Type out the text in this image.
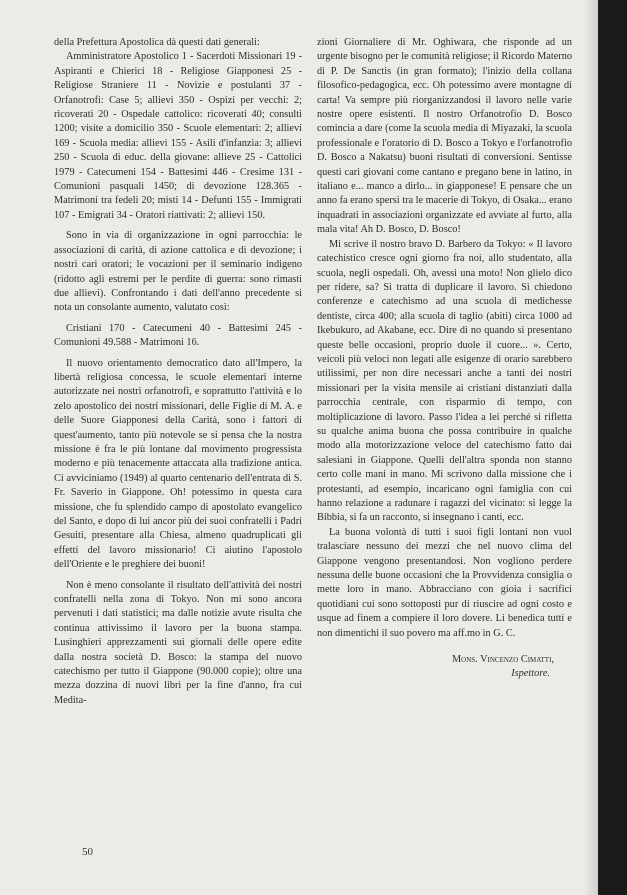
della Prefettura Apostolica dà questi dati generali:

Amministratore Apostolico 1 - Sacerdoti Missionari 19 - Aspiranti e Chierici 18 - Religiose Giapponesi 25 - Religiose Straniere 11 - Novizie e postulanti 37 - Orfanotrofi: Case 5; allievi 350 - Ospizi per vecchi: 2; ricoverati 20 - Ospedale cattolico: ricoverati 40; consulti 1200; visite a domicilio 350 - Scuole elementari: 2; allievi 169 - Scuola media: allievi 155 - Asili d'infanzia: 3; allievi 250 - Scuola di educ. della giovane: allieve 25 - Cattolici 1979 - Catecumeni 154 - Battesimi 446 - Cresime 131 - Comunioni pasquali 1450; di devozione 128.365 - Matrimoni tra fedeli 20; misti 14 - Defunti 155 - Immigrati 107 - Emigrati 34 - Oratori riattivati: 2; allievi 150.

Sono in via di organizzazione in ogni parrocchia: le associazioni di carità, di azione cattolica e di devozione; i nostri cari oratori; le vocazioni per il seminario indigeno (ridotto agli estremi per le perdite di guerra: sono rimasti due allievi). Confrontando i dati dell'anno precedente si nota un consolante aumento, valutato così:

Cristiani 170 - Catecumeni 40 - Battesimi 245 - Comunioni 49.588 - Matrimoni 16.

Il nuovo orientamento democratico dato all'Impero, la libertà religiosa concessa, le scuole elementari interne autorizzate nei nostri orfanotrofi, e soprattutto l'attività e lo zelo apostolico dei nostri missionari, delle Figlie di M. A. e delle Suore Giapponesi della Carità, sono i fattori di quest'aumento, tanto più notevole se si pensa che la nostra missione è fra le più lontane dal movimento progressista moderno e più tenacemente attaccata alla tradizione antica. Ci avviciniamo (1949) al quarto centenario dell'entrata di S. Fr. Saverio in Giappone. Oh! potessimo in questa cara missione, che fu splendido campo di apostolato evangelico del Santo, e dopo di lui ancor più dei suoi confratelli i Padri Gesuiti, presentare alla Chiesa, almeno quadruplicati gli effetti del lavoro missionario! Ci aiutino l'apostolo dell'Oriente e le preghiere dei buoni!

Non è meno consolante il risultato dell'attività dei nostri confratelli nella zona di Tokyo. Non mi sono ancora pervenuti i dati statistici; ma dalle notizie avute risulta che continua attivissimo il lavoro per la buona stampa. Lusinghieri apprezzamenti sui giornali delle opere edite dalla nostra società D. Bosco: la stampa del nuovo catechismo per tutto il Giappone (90.000 copie); oltre una mezza dozzina di nuovi libri per la fine d'anno, fra cui Medita-

zioni Giornaliere di Mr. Oghiwara, che risponde ad un urgente bisogno per le comunità religiose; il Ricordo Materno di P. De Sanctis (in gran formato); l'inizio della collana filosofico-pedagogica, ecc. Oh potessimo avere montagne di carta! Va sempre più riorganizzandosi il lavoro nelle varie nostre opere esistenti. Il nostro Orfanotrofio D. Bosco comincia a dare (come la scuola media di Miyazaki, la scuola professionale e l'oratorio di D. Bosco a Tokyo e l'orfanotrofio D. Bosco a Nakatsu) buoni risultati di conversioni. Sentisse questi cari giovani come cantano e pregano bene in latino, in italiano e... manco a dirlo... in giapponese! E pensare che un anno fa erano spersi tra le macerie di Tokyo, di Osaka... erano inquadrati in associazioni organizzate ed avviate al furto, alla mala vita! Ah D. Bosco, D. Bosco!

Mi scrive il nostro bravo D. Barbero da Tokyo: « Il lavoro catechistico cresce ogni giorno fra noi, allo studentato, alla scuola, negli ospedali. Oh, avessi una moto! Non glielo dico per ridere, sa? Si tratta di duplicare il lavoro. Si chiedono conferenze e catechismo ad una scuola di medichesse dentiste, circa 400; alla scuola di taglio (abiti) circa 1000 ad Ikebukuro, ad Akabane, ecc. Dire di no quando si presentano queste belle occasioni, proprio duole il cuore... ». Certo, veicoli più veloci non legati alle esigenze di orario sarebbero utilissimi, per non dire necessari anche a tanti dei nostri missionari per la visita mensile ai cristiani distanziati dalla parrocchia centrale, con risparmio di tempo, con moltiplicazione di lavoro. Passo l'idea a lei perché si rifletta su qualche anima buona che possa contribuire in qualche modo alla motorizzazione veloce del catechismo fatto dai salesiani in Giappone. Quelli dell'altra sponda non stanno certo colle mani in mano. Mi scrivono dalla missione che i protestanti, ad esempio, incaricano ogni famiglia con cui hanno relazione a radunare i ragazzi del vicinato: si legge la Bibbia, si fa un racconto, si insegnano i canti, ecc.

La buona volontà di tutti i suoi figli lontani non vuol tralasciare nessuno dei mezzi che nel nuovo clima del Giappone vengono presentandosi. Non vogliono perdere nessuna delle buone occasioni che la Provvidenza consiglia o mette loro in mano. Abbracciano con gioia i sacrifici quotidiani cui sono sottoposti pur di riuscire ad ogni costo e usque ad finem a compiere il loro dovere. Li benedica tutti e non dimentichi il suo povero ma aff.mo in G. C.

Mons. Vincenzo Cimatti,
Ispettore.
50
